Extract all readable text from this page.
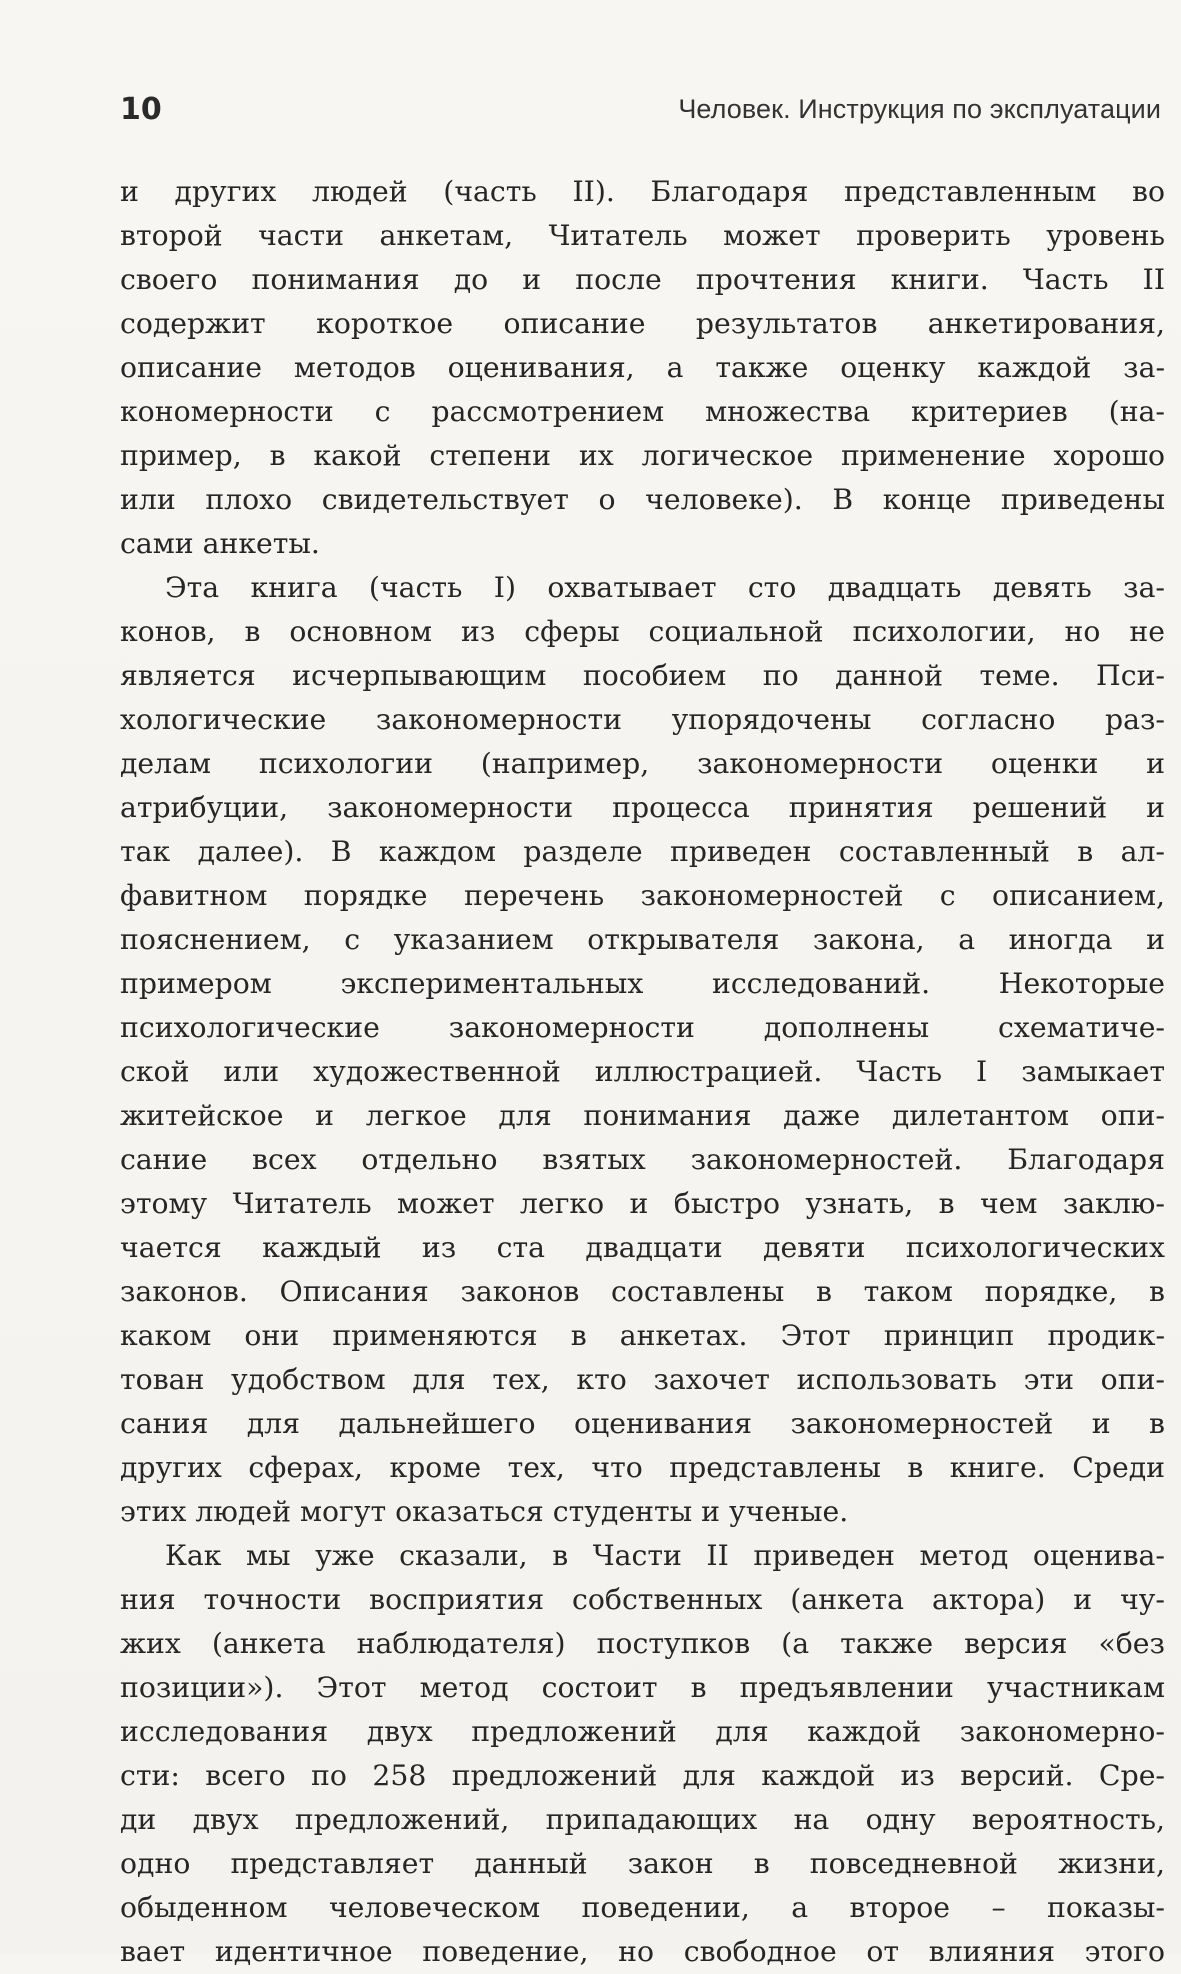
10	Человек. Инструкция по эксплуатации
и других людей (часть II). Благодаря представленным во
второй части анкетам, Читатель может проверить уровень
своего понимания до и после прочтения книги. Часть II
содержит короткое описание результатов анкетирования,
описание методов оценивания, а также оценку каждой за-
кономерности с рассмотрением множества критериев (на-
пример, в какой степени их логическое применение хорошо
или плохо свидетельствует о человеке). В конце приведены
сами анкеты.
Эта книга (часть I) охватывает сто двадцать девять за-
конов, в основном из сферы социальной психологии, но не
является исчерпывающим пособием по данной теме. Пси-
хологические закономерности упорядочены согласно раз-
делам психологии (например, закономерности оценки и
атрибуции, закономерности процесса принятия решений и
так далее). В каждом разделе приведен составленный в ал-
фавитном порядке перечень закономерностей с описанием,
пояснением, с указанием открывателя закона, а иногда и
примером экспериментальных исследований. Некоторые
психологические закономерности дополнены схематиче-
ской или художественной иллюстрацией. Часть I замыкает
житейское и легкое для понимания даже дилетантом опи-
сание всех отдельно взятых закономерностей. Благодаря
этому Читатель может легко и быстро узнать, в чем заклю-
чается каждый из ста двадцати девяти психологических
законов. Описания законов составлены в таком порядке, в
каком они применяются в анкетах. Этот принцип продик-
тован удобством для тех, кто захочет использовать эти опи-
сания для дальнейшего оценивания закономерностей и в
других сферах, кроме тех, что представлены в книге. Среди
этих людей могут оказаться студенты и ученые.
Как мы уже сказали, в Части II приведен метод оценива-
ния точности восприятия собственных (анкета актора) и чу-
жих (анкета наблюдателя) поступков (а также версия «без
позиции»). Этот метод состоит в предъявлении участникам
исследования двух предложений для каждой закономерно-
сти: всего по 258 предложений для каждой из версий. Сре-
ди двух предложений, припадающих на одну вероятность,
одно представляет данный закон в повседневной жизни,
обыденном человеческом поведении, а второе – показы-
вает идентичное поведение, но свободное от влияния этого
